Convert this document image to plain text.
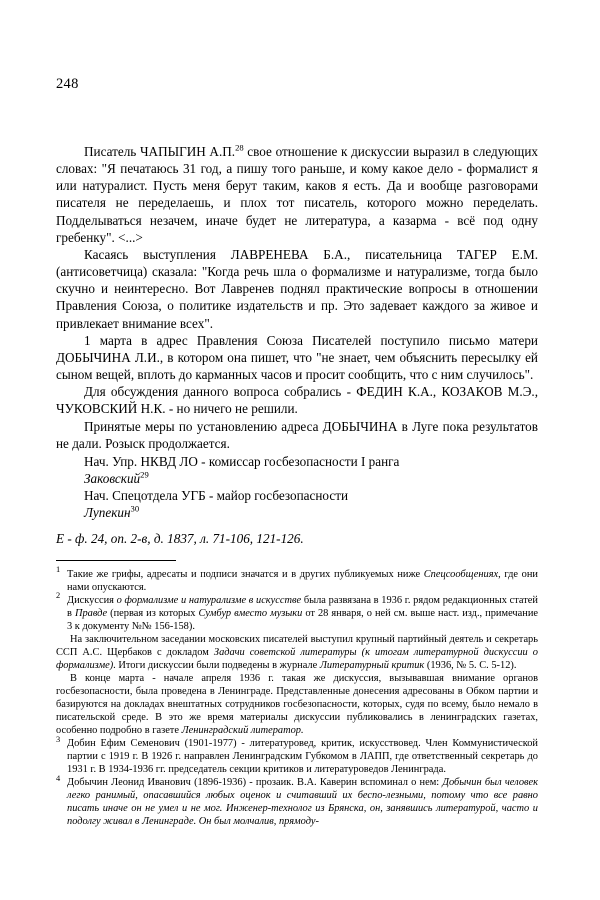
248

Писатель ЧАПЫГИН А.П.$^{28}$ свое отношение к дискуссии выразил в следующих словах: "Я печатаюсь 31 год, а пишу того раньше, и кому какое дело - формалист я или натуралист. Пусть меня берут таким, каков я есть. Да и вообще разговорами писателя не переделаешь, и плох тот писатель, которого можно переделать. Подделываться незачем, иначе будет не литература, а казарма - всё под одну гребенку". <...>

Касаясь выступления ЛАВРЕНЕВА Б.А., писательница ТАГЕР Е.М. (антисоветчица) сказала: "Когда речь шла о формализме и натурализме, тогда было скучно и неинтересно. Вот Лавренев поднял практические вопросы в отношении Правления Союза, о политике издательств и пр. Это задевает каждого за живое и привлекает внимание всех".

1 марта в адрес Правления Союза Писателей поступило письмо матери ДОБЫЧИНА Л.И., в котором она пишет, что "не знает, чем объяснить пересылку ей сыном вещей, вплоть до карманных часов и просит сообщить, что с ним случилось".

Для обсуждения данного вопроса собрались - ФЕДИН К.А., КОЗАКОВ М.Э., ЧУКОВСКИЙ Н.К. - но ничего не решили.

Принятые меры по установлению адреса ДОБЫЧИНА в Луге пока результатов не дали. Розыск продолжается.

Нач. Упр. НКВД ЛО - комиссар госбезопасности I ранга

Заковский$^{29}$

Нач. Спецотдела УГБ - майор госбезопасности

Лупекин$^{30}$

Е - ф. 24, оп. 2-в, д. 1837, л. 71-106, 121-126.

1 Такие же грифы, адресаты и подписи значатся и в других публикуемых ниже Спецсообщениях, где они нами опускаются.

2 Дискуссия о формализме и натурализме в искусстве была развязана в 1936 г. рядом редакционных статей в Правде (первая из которых Сумбур вместо музыки от 28 января, о ней см. выше наст. изд., примечание 3 к документу №№ 156-158).

На заключительном заседании московских писателей выступил крупный партийный деятель и секретарь ССП А.С. Щербаков с докладом Задачи советской литературы (к итогам литературной дискуссии о формализме). Итоги дискуссии были подведены в журнале Литературный критик (1936, № 5. С. 5-12).

В конце марта - начале апреля 1936 г. такая же дискуссия, вызывавшая внимание органов госбезопасности, была проведена в Ленинграде. Представленные донесения адресованы в Обком партии и базируются на докладах внештатных сотрудников госбезопасности, которых, судя по всему, было немало в писательской среде. В это же время материалы дискуссии публиковались в ленинградских газетах, особенно подробно в газете Ленинградский литератор.

3 Добин Ефим Семенович (1901-1977) - литературовед, критик, искусствовед. Член Коммунистической партии с 1919 г. В 1926 г. направлен Ленинградским Губкомом в ЛАПП, где ответственный секретарь до 1931 г. В 1934-1936 гг. председатель секции критиков и литературоведов Ленинграда.

4 Добычин Леонид Иванович (1896-1936) - прозаик. В.А. Каверин вспоминал о нем: Добычин был человек легко ранимый, опасавшийся любых оценок и считавший их беспо-лезными, потому что все равно писать иначе он не умел и не мог. Инженер-технолог из Брянска, он, занявшись литературой, часто и подолгу живал в Ленинграде. Он был молчалив, прямоду-
